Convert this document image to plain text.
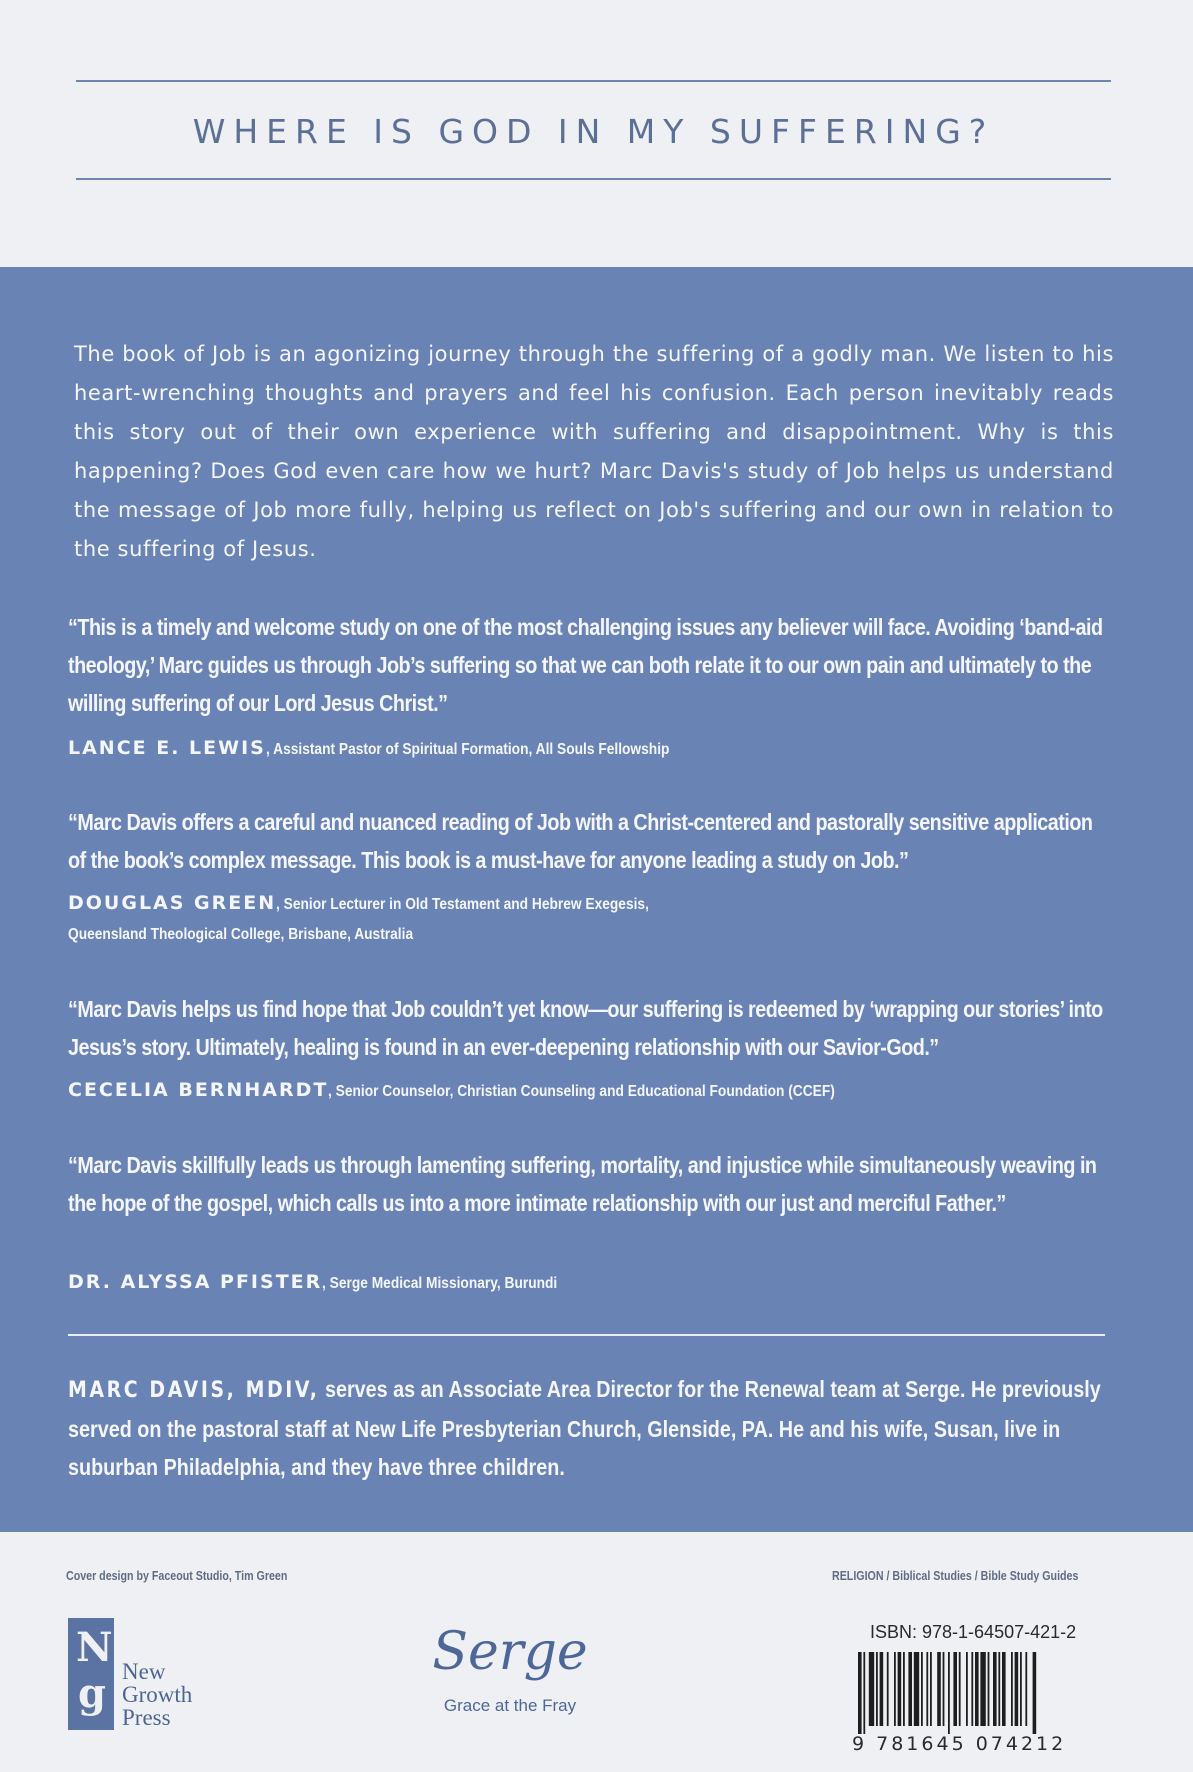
WHERE IS GOD IN MY SUFFERING?
The book of Job is an agonizing journey through the suffering of a godly man. We listen to his heart-wrenching thoughts and prayers and feel his confusion. Each person inevitably reads this story out of their own experience with suffering and disappointment. Why is this happening? Does God even care how we hurt? Marc Davis's study of Job helps us understand the message of Job more fully, helping us reflect on Job's suffering and our own in relation to the suffering of Jesus.
“This is a timely and welcome study on one of the most challenging issues any believer will face. Avoiding ‘band-aid theology,’ Marc guides us through Job’s suffering so that we can both relate it to our own pain and ultimately to the willing suffering of our Lord Jesus Christ.”
LANCE E. LEWIS, Assistant Pastor of Spiritual Formation, All Souls Fellowship
“Marc Davis offers a careful and nuanced reading of Job with a Christ-centered and pastorally sensitive application of the book’s complex message. This book is a must-have for anyone leading a study on Job.”
DOUGLAS GREEN, Senior Lecturer in Old Testament and Hebrew Exegesis,
Queensland Theological College, Brisbane, Australia
“Marc Davis helps us find hope that Job couldn’t yet know—our suffering is redeemed by ‘wrapping our stories’ into Jesus’s story. Ultimately, healing is found in an ever-deepening relationship with our Savior-God.”
CECELIA BERNHARDT, Senior Counselor, Christian Counseling and Educational Foundation (CCEF)
“Marc Davis skillfully leads us through lamenting suffering, mortality, and injustice while simultaneously weaving in the hope of the gospel, which calls us into a more intimate relationship with our just and merciful Father.”
DR. ALYSSA PFISTER, Serge Medical Missionary, Burundi
MARC DAVIS, MDIV, serves as an Associate Area Director for the Renewal team at Serge. He previously served on the pastoral staff at New Life Presbyterian Church, Glenside, PA. He and his wife, Susan, live in suburban Philadelphia, and they have three children.
Cover design by Faceout Studio, Tim Green	RELIGION / Biblical Studies / Bible Study Guides
N
g New
Growth
Press
Serge
Grace at the Fray
ISBN: 978-1-64507-421-2
9 781645 074212
